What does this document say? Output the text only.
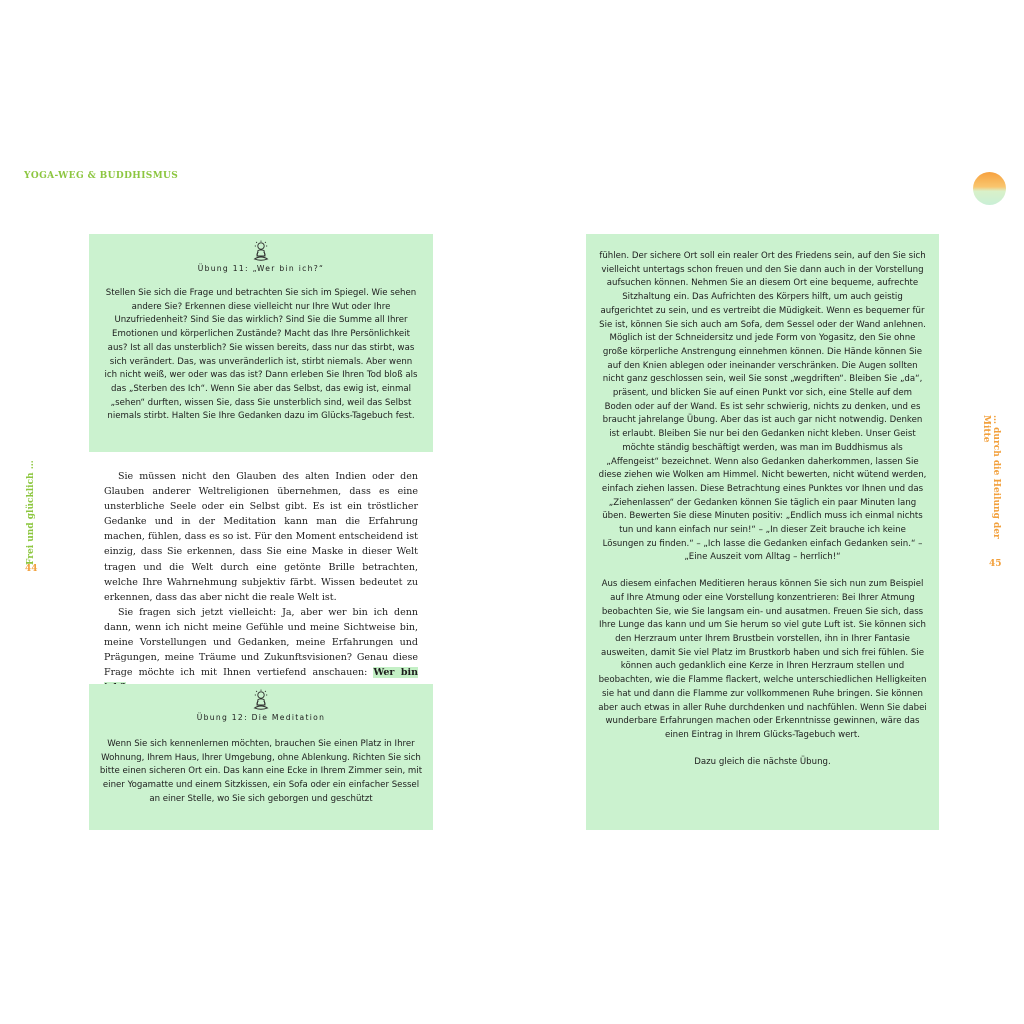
YOGA-WEG & BUDDHISMUS
Frei und glücklich …
44
… durch die Heilung der Mitte
45
Übung 11: „Wer bin ich?“

Stellen Sie sich die Frage und betrachten Sie sich im Spiegel. Wie sehen andere Sie? Erkennen diese vielleicht nur Ihre Wut oder Ihre Unzufriedenheit? Sind Sie das wirklich? Sind Sie die Summe all Ihrer Emotionen und körperlichen Zustände? Macht das Ihre Persönlichkeit aus? Ist all das unsterblich? Sie wissen bereits, dass nur das stirbt, was sich verändert. Das, was unveränderlich ist, stirbt niemals. Aber wenn ich nicht weiß, wer oder was das ist? Dann erleben Sie Ihren Tod bloß als das „Sterben des Ich“. Wenn Sie aber das Selbst, das ewig ist, einmal „sehen“ durften, wissen Sie, dass Sie unsterblich sind, weil das Selbst niemals stirbt. Halten Sie Ihre Gedanken dazu im Glücks-Tagebuch fest.

Sie müssen nicht den Glauben des alten Indien oder den Glauben anderer Weltreligionen übernehmen, dass es eine unsterbliche Seele oder ein Selbst gibt. Es ist ein tröstlicher Gedanke und in der Meditation kann man die Erfahrung machen, fühlen, dass es so ist. Für den Moment entscheidend ist einzig, dass Sie erkennen, dass Sie eine Maske in dieser Welt tragen und die Welt durch eine getönte Brille betrachten, welche Ihre Wahrnehmung subjektiv färbt. Wissen bedeutet zu erkennen, dass das aber nicht die reale Welt ist.

Sie fragen sich jetzt vielleicht: Ja, aber wer bin ich denn dann, wenn ich nicht meine Gefühle und meine Sichtweise bin, meine Vorstellungen und Gedanken, meine Erfahrungen und Prägungen, meine Träume und Zukunftsvisionen? Genau diese Frage möchte ich mit Ihnen vertiefend anschauen: Wer bin

Übung 12: Die Meditation

Wenn Sie sich kennenlernen möchten, brauchen Sie einen Platz in Ihrer Wohnung, Ihrem Haus, Ihrer Umgebung, ohne Ablenkung. Richten Sie sich bitte einen sicheren Ort ein. Das kann eine Ecke in Ihrem Zimmer sein, mit einer Yogamatte und einem Sitzkissen, ein Sofa oder ein einfacher Sessel an einer Stelle, wo Sie sich geborgen und geschützt

fühlen. Der sichere Ort soll ein realer Ort des Friedens sein, auf den Sie sich vielleicht untertags schon freuen und den Sie dann auch in der Vorstellung aufsuchen können. Nehmen Sie an diesem Ort eine bequeme, aufrechte Sitzhaltung ein. Das Aufrichten des Körpers hilft, um auch geistig aufgerichtet zu sein, und es vertreibt die Müdigkeit. Wenn es bequemer für Sie ist, können Sie sich auch am Sofa, dem Sessel oder der Wand anlehnen. Möglich ist der Schneidersitz und jede Form von Yogasitz, den Sie ohne große körperliche Anstrengung einnehmen können. Die Hände können Sie auf den Knien ablegen oder ineinander verschränken. Die Augen sollten nicht ganz geschlossen sein, weil Sie sonst „wegdriften“. Bleiben Sie „da“, präsent, und blicken Sie auf einen Punkt vor sich, eine Stelle auf dem Boden oder auf der Wand. Es ist sehr schwierig, nichts zu denken, und es braucht jahrelange Übung. Aber das ist auch gar nicht notwendig. Denken ist erlaubt. Bleiben Sie nur bei den Gedanken nicht kleben. Unser Geist möchte ständig beschäftigt werden, was man im Buddhismus als „Affengeist“ bezeichnet. Wenn also Gedanken daherkommen, lassen Sie diese ziehen wie Wolken am Himmel. Nicht bewerten, nicht wütend werden, einfach ziehen lassen. Diese Betrachtung eines Punktes vor Ihnen und das „Ziehenlassen“ der Gedanken können Sie täglich ein paar Minuten lang üben. Bewerten Sie diese Minuten positiv: „Endlich muss ich einmal nichts tun und kann einfach nur sein!“ – „In dieser Zeit brauche ich keine Lösungen zu finden.“ – „Ich lasse die Gedanken einfach Gedanken sein.“ – „Eine Auszeit vom Alltag – herrlich!“

Aus diesem einfachen Meditieren heraus können Sie sich nun zum Beispiel auf Ihre Atmung oder eine Vorstellung konzentrieren: Bei Ihrer Atmung beobachten Sie, wie Sie langsam ein- und ausatmen. Freuen Sie sich, dass Ihre Lunge das kann und um Sie herum so viel gute Luft ist. Sie können sich den Herzraum unter Ihrem Brustbein vorstellen, ihn in Ihrer Fantasie ausweiten, damit Sie viel Platz im Brustkorb haben und sich frei fühlen. Sie können auch gedanklich eine Kerze in Ihren Herzraum stellen und beobachten, wie die Flamme flackert, welche unterschiedlichen Helligkeiten sie hat und dann die Flamme zur vollkommenen Ruhe bringen. Sie können aber auch etwas in aller Ruhe durchdenken und nachfühlen. Wenn Sie dabei wunderbare Erfahrungen machen oder Erkenntnisse gewinnen, wäre das einen Eintrag in Ihrem Glücks-Tagebuch wert.

Dazu gleich die nächste Übung.
